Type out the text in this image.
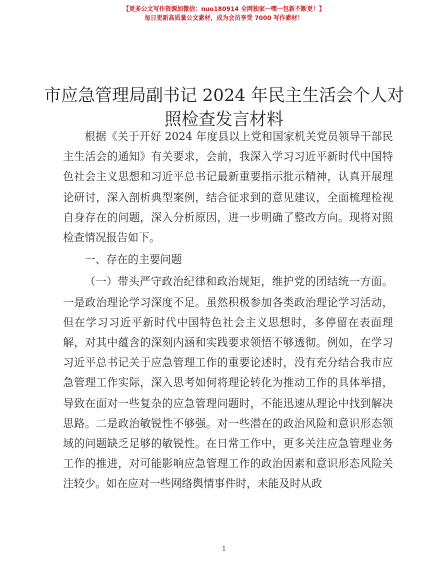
【更多公文写作资源加微信：nuo180914 全网独家一嘿一包新不断更！】
每日更新高质量公文素材，成为会员享受 7000 写作素材！
市应急管理局副书记 2024 年民主生活会个人对
照检查发言材料

根据《关于开好 2024 年度县以上党和国家机关党员领导干部民主生活会的通知》有关要求，会前，我深入学习习近平新时代中国特色社会主义思想和习近平总书记最新重要指示批示精神，认真开展理论研讨，深入剖析典型案例，结合征求到的意见建议，全面梳理检视自身存在的问题，深入分析原因，进一步明确了整改方向。现将对照检查情况报告如下。

一、存在的主要问题

（一）带头严守政治纪律和政治规矩，维护党的团结统一方面。一是政治理论学习深度不足。虽然积极参加各类政治理论学习活动，但在学习习近平新时代中国特色社会主义思想时，多停留在表面理解，对其中蕴含的深刻内涵和实践要求领悟不够透彻。例如，在学习习近平总书记关于应急管理工作的重要论述时，没有充分结合我市应急管理工作实际，深入思考如何将理论转化为推动工作的具体举措，导致在面对一些复杂的应急管理问题时，不能迅速从理论中找到解决思路。二是政治敏锐性不够强。对一些潜在的政治风险和意识形态领域的问题缺乏足够的敏锐性。在日常工作中，更多关注应急管理业务工作的推进，对可能影响应急管理工作的政治因素和意识形态风险关注较少。如在应对一些网络舆情事件时，未能及时从政

1
